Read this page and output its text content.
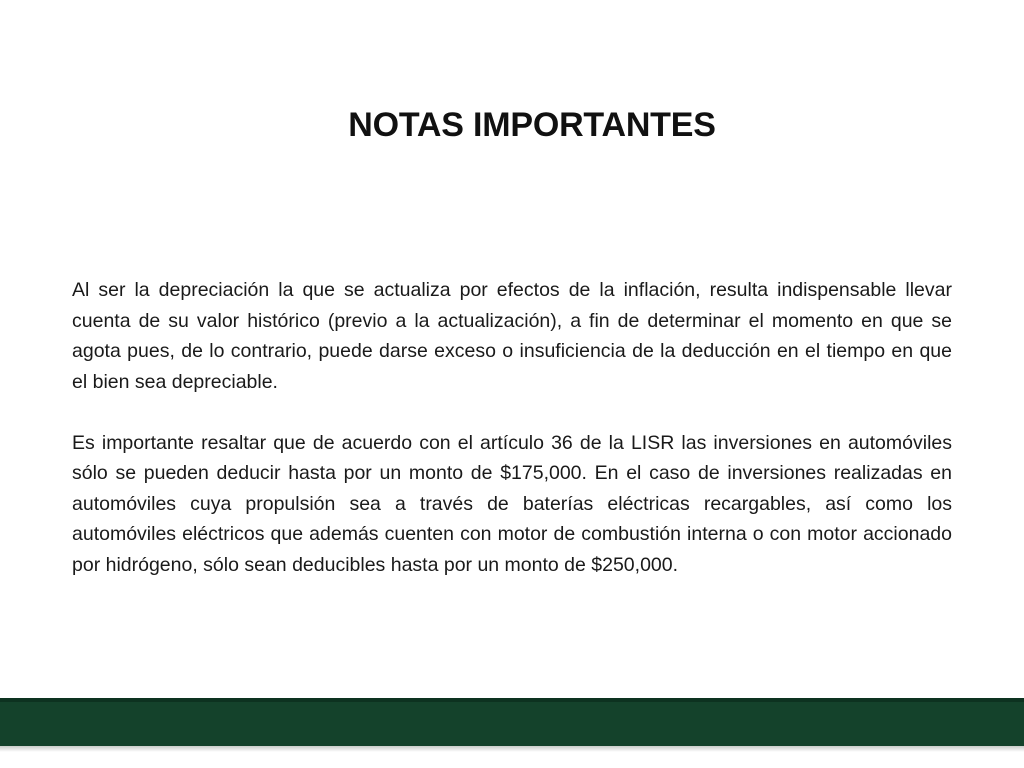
NOTAS IMPORTANTES

Al ser la depreciación la que se actualiza por efectos de la inflación, resulta indispensable llevar cuenta de su valor histórico (previo a la actualización), a fin de determinar el momento en que se agota pues, de lo contrario, puede darse exceso o insuficiencia de la deducción en el tiempo en que el bien sea depreciable.

Es importante resaltar que de acuerdo con el artículo 36 de la LISR las inversiones en automóviles sólo se pueden deducir hasta por un monto de $175,000. En el caso de inversiones realizadas en automóviles cuya propulsión sea a través de baterías eléctricas recargables, así como los automóviles eléctricos que además cuenten con motor de combustión interna o con motor accionado por hidrógeno, sólo sean deducibles hasta por un monto de $250,000.
